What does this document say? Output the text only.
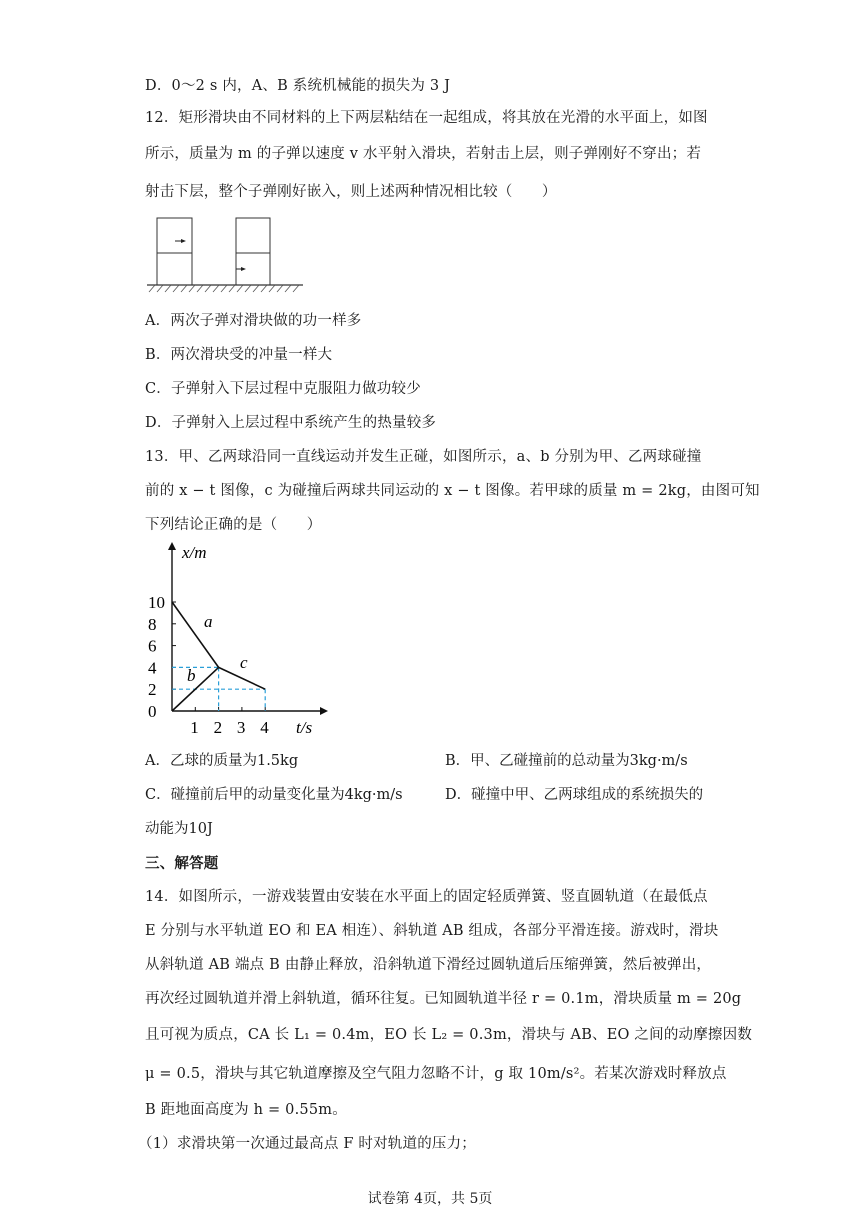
D．0～2 s 内，A、B 系统机械能的损失为 3 J
12．矩形滑块由不同材料的上下两层粘结在一起组成，将其放在光滑的水平面上，如图
所示，质量为 m 的子弹以速度 v 水平射入滑块，若射击上层，则子弹刚好不穿出；若
射击下层，整个子弹刚好嵌入，则上述两种情况相比较（　　）
A．两次子弹对滑块做的功一样多
B．两次滑块受的冲量一样大
C．子弹射入下层过程中克服阻力做功较少
D．子弹射入上层过程中系统产生的热量较多
13．甲、乙两球沿同一直线运动并发生正碰，如图所示，a、b 分别为甲、乙两球碰撞
前的 x − t 图像，c 为碰撞后两球共同运动的 x − t 图像。若甲球的质量 m = 2kg，由图可知
下列结论正确的是（　　）
x/m
t/s
0
2
4
6
8
10
1 2 3 4
a
b
c
A．乙球的质量为1.5kg	B．甲、乙碰撞前的总动量为3kg·m/s
C．碰撞前后甲的动量变化量为4kg·m/s	D．碰撞中甲、乙两球组成的系统损失的
动能为10J
三、解答题
14．如图所示，一游戏装置由安装在水平面上的固定轻质弹簧、竖直圆轨道（在最低点
E 分别与水平轨道 EO 和 EA 相连）、斜轨道 AB 组成，各部分平滑连接。游戏时，滑块
从斜轨道 AB 端点 B 由静止释放，沿斜轨道下滑经过圆轨道后压缩弹簧，然后被弹出，
再次经过圆轨道并滑上斜轨道，循环往复。已知圆轨道半径 r = 0.1m，滑块质量 m = 20g
且可视为质点，CA 长 L₁ = 0.4m，EO 长 L₂ = 0.3m，滑块与 AB、EO 之间的动摩擦因数
μ = 0.5，滑块与其它轨道摩擦及空气阻力忽略不计，g 取 10m/s²。若某次游戏时释放点
B 距地面高度为 h = 0.55m。
（1）求滑块第一次通过最高点 F 时对轨道的压力；
试卷第 4页，共 5页
